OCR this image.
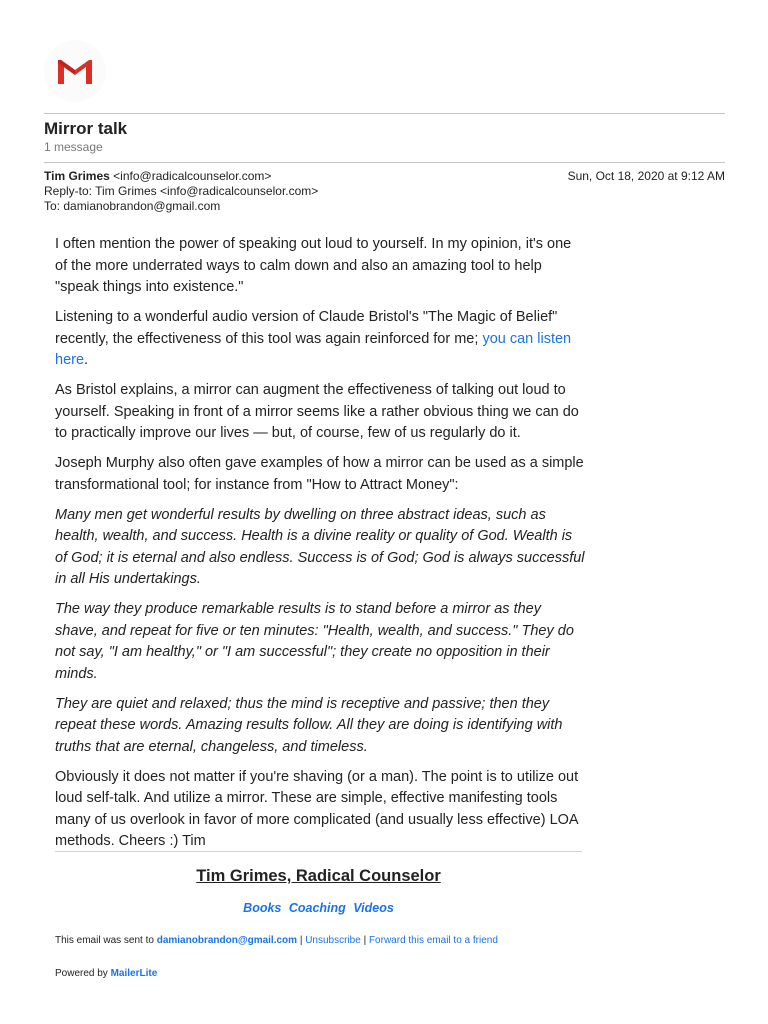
Mirror talk
1 message
Tim Grimes <info@radicalcounselor.com>
Reply-to: Tim Grimes <info@radicalcounselor.com>
To: damianobrandon@gmail.com
Sun, Oct 18, 2020 at 9:12 AM

I often mention the power of speaking out loud to yourself. In my opinion, it's one of the more underrated ways to calm down and also an amazing tool to help "speak things into existence."

Listening to a wonderful audio version of Claude Bristol's "The Magic of Belief" recently, the effectiveness of this tool was again reinforced for me; you can listen here.

As Bristol explains, a mirror can augment the effectiveness of talking out loud to yourself. Speaking in front of a mirror seems like a rather obvious thing we can do to practically improve our lives — but, of course, few of us regularly do it.

Joseph Murphy also often gave examples of how a mirror can be used as a simple transformational tool; for instance from "How to Attract Money":

Many men get wonderful results by dwelling on three abstract ideas, such as health, wealth, and success. Health is a divine reality or quality of God. Wealth is of God; it is eternal and also endless. Success is of God; God is always successful in all His undertakings.

The way they produce remarkable results is to stand before a mirror as they shave, and repeat for five or ten minutes: "Health, wealth, and success." They do not say, "I am healthy," or "I am successful"; they create no opposition in their minds.

They are quiet and relaxed; thus the mind is receptive and passive; then they repeat these words. Amazing results follow. All they are doing is identifying with truths that are eternal, changeless, and timeless.

Obviously it does not matter if you're shaving (or a man). The point is to utilize out loud self-talk. And utilize a mirror. These are simple, effective manifesting tools many of us overlook in favor of more complicated (and usually less effective) LOA methods. Cheers :) Tim

Tim Grimes, Radical Counselor
Books Coaching Videos
This email was sent to damianobrandon@gmail.com | Unsubscribe | Forward this email to a friend
Powered by MailerLite
